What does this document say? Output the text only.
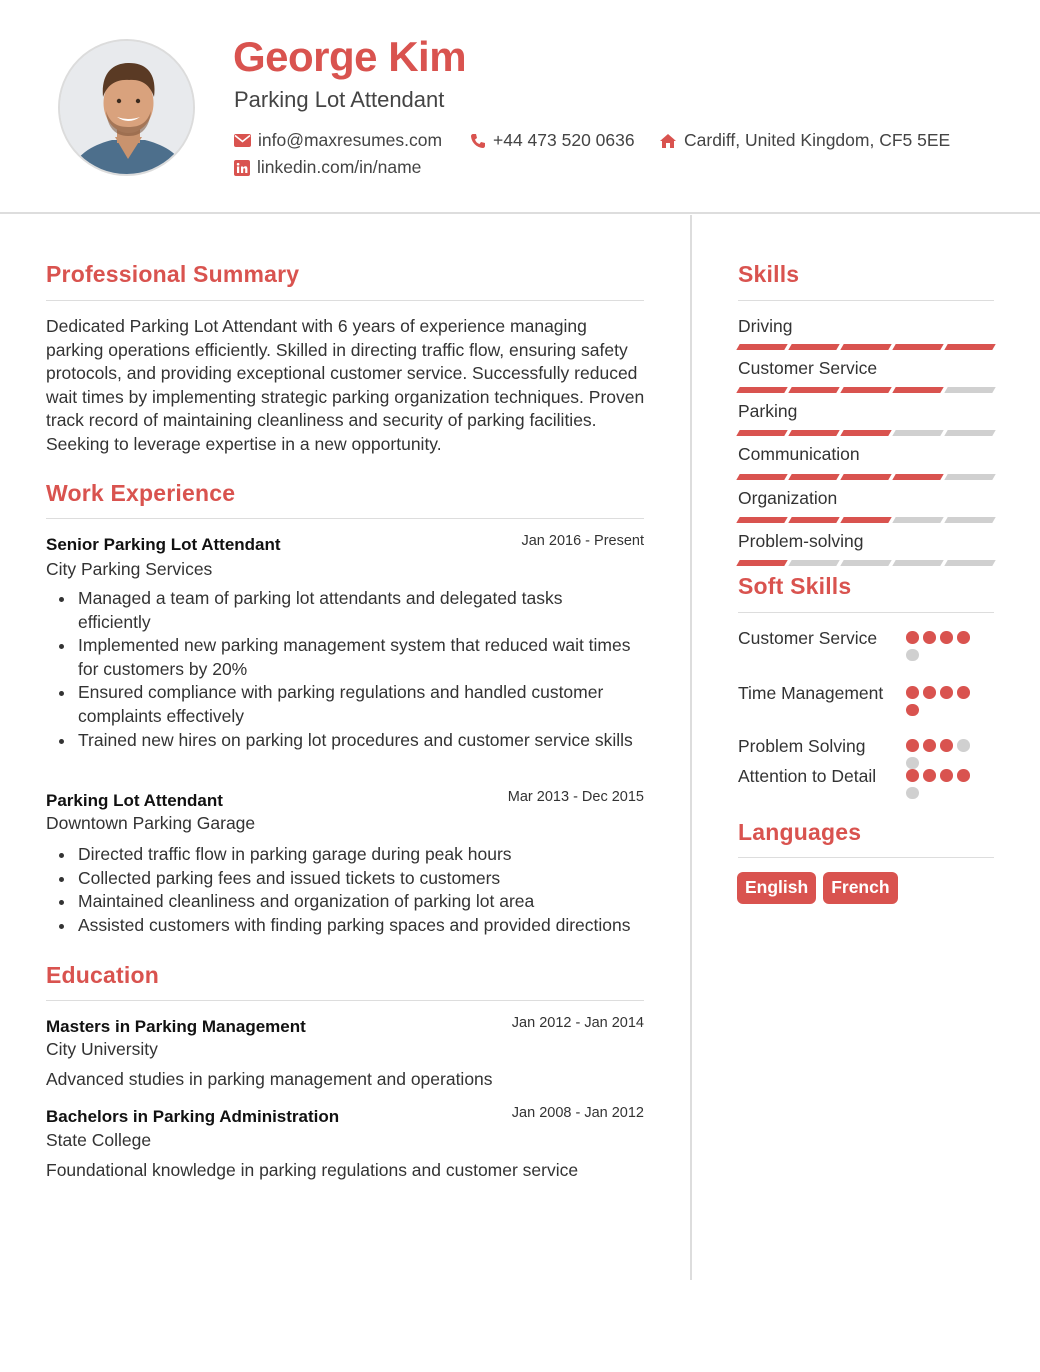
George Kim
Parking Lot Attendant
info@maxresumes.com	+44 473 520 0636	Cardiff, United Kingdom, CF5 5EE
linkedin.com/in/name
Professional Summary
Dedicated Parking Lot Attendant with 6 years of experience managing parking operations efficiently. Skilled in directing traffic flow, ensuring safety protocols, and providing exceptional customer service. Successfully reduced wait times by implementing strategic parking organization techniques. Proven track record of maintaining cleanliness and security of parking facilities. Seeking to leverage expertise in a new opportunity.
Work Experience
Senior Parking Lot Attendant	Jan 2016 - Present
City Parking Services
Managed a team of parking lot attendants and delegated tasks efficiently
Implemented new parking management system that reduced wait times for customers by 20%
Ensured compliance with parking regulations and handled customer complaints effectively
Trained new hires on parking lot procedures and customer service skills
Parking Lot Attendant	Mar 2013 - Dec 2015
Downtown Parking Garage
Directed traffic flow in parking garage during peak hours
Collected parking fees and issued tickets to customers
Maintained cleanliness and organization of parking lot area
Assisted customers with finding parking spaces and provided directions
Education
Masters in Parking Management	Jan 2012 - Jan 2014
City University
Advanced studies in parking management and operations
Bachelors in Parking Administration	Jan 2008 - Jan 2012
State College
Foundational knowledge in parking regulations and customer service
Skills
Driving
Customer Service
Parking
Communication
Organization
Problem-solving
Soft Skills
Customer Service
Time Management
Problem Solving
Attention to Detail
Languages
English	French
